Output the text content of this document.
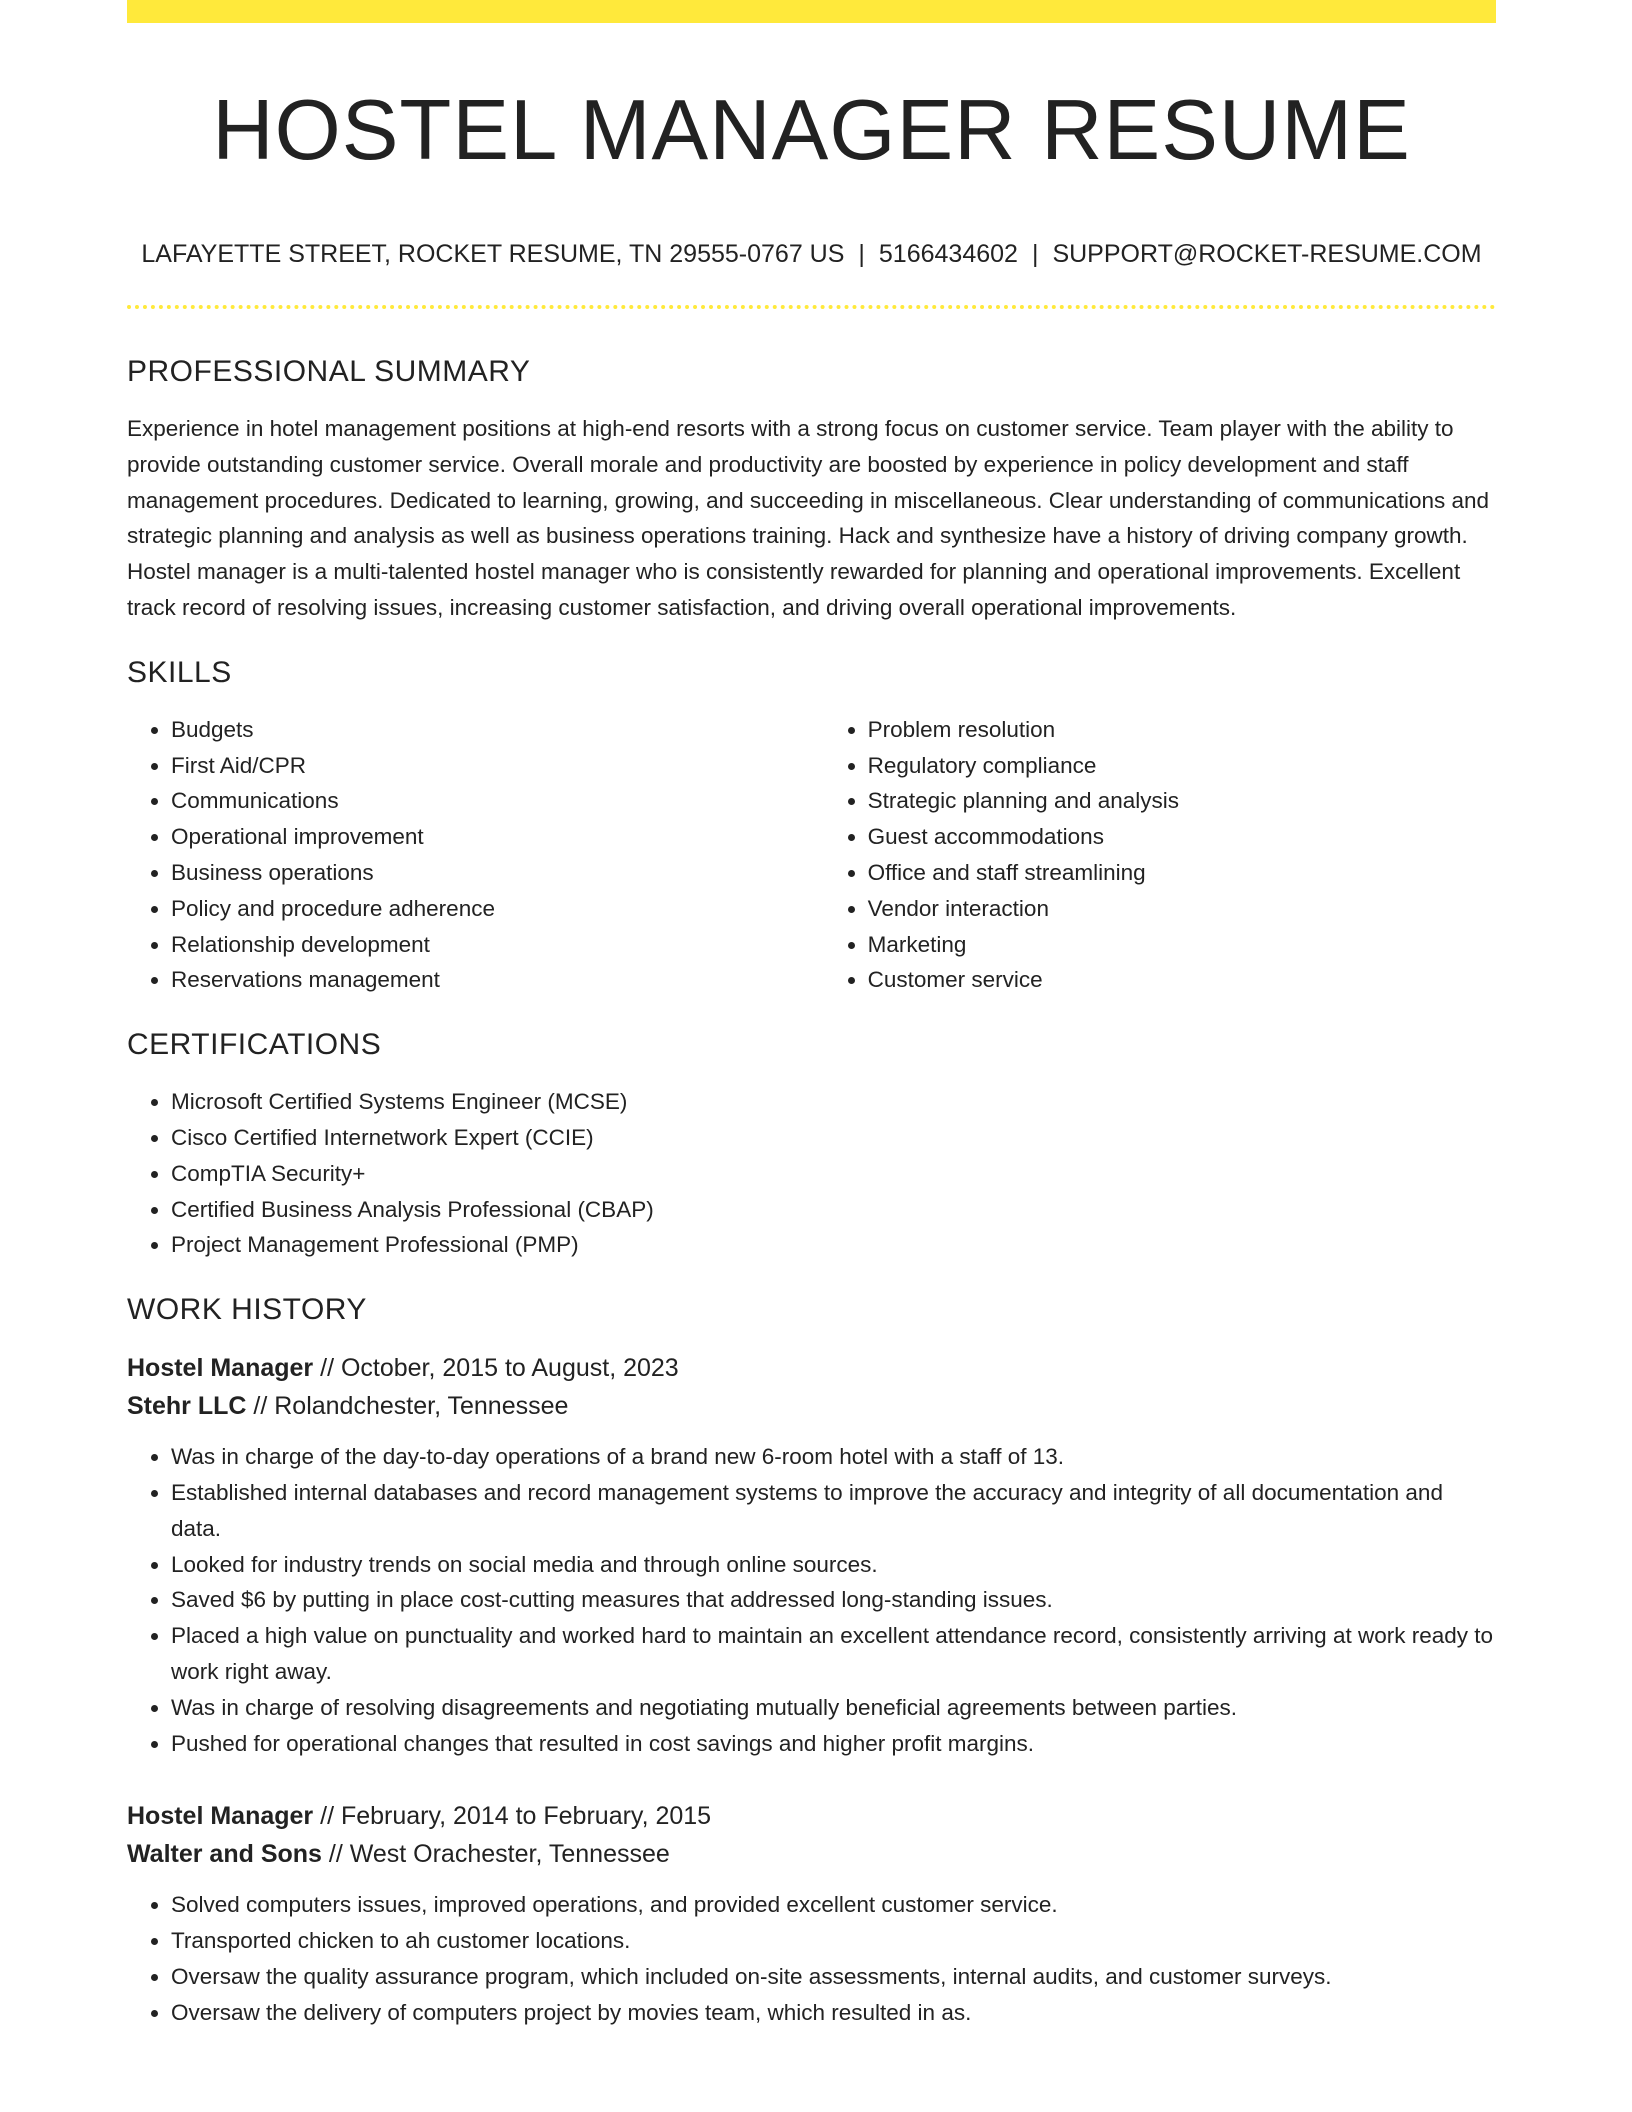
HOSTEL MANAGER RESUME
LAFAYETTE STREET, ROCKET RESUME, TN 29555-0767 US | 5166434602 | SUPPORT@ROCKET-RESUME.COM
PROFESSIONAL SUMMARY

Experience in hotel management positions at high-end resorts with a strong focus on customer service. Team player with the ability to provide outstanding customer service. Overall morale and productivity are boosted by experience in policy development and staff management procedures. Dedicated to learning, growing, and succeeding in miscellaneous. Clear understanding of communications and strategic planning and analysis as well as business operations training. Hack and synthesize have a history of driving company growth. Hostel manager is a multi-talented hostel manager who is consistently rewarded for planning and operational improvements. Excellent track record of resolving issues, increasing customer satisfaction, and driving overall operational improvements.

SKILLS
• Budgets
• First Aid/CPR
• Communications
• Operational improvement
• Business operations
• Policy and procedure adherence
• Relationship development
• Reservations management
• Problem resolution
• Regulatory compliance
• Strategic planning and analysis
• Guest accommodations
• Office and staff streamlining
• Vendor interaction
• Marketing
• Customer service
CERTIFICATIONS
• Microsoft Certified Systems Engineer (MCSE)
• Cisco Certified Internetwork Expert (CCIE)
• CompTIA Security+
• Certified Business Analysis Professional (CBAP)
• Project Management Professional (PMP)
WORK HISTORY
Hostel Manager // October, 2015 to August, 2023
Stehr LLC // Rolandchester, Tennessee
• Was in charge of the day-to-day operations of a brand new 6-room hotel with a staff of 13.
• Established internal databases and record management systems to improve the accuracy and integrity of all documentation and data.
• Looked for industry trends on social media and through online sources.
• Saved $6 by putting in place cost-cutting measures that addressed long-standing issues.
• Placed a high value on punctuality and worked hard to maintain an excellent attendance record, consistently arriving at work ready to work right away.
• Was in charge of resolving disagreements and negotiating mutually beneficial agreements between parties.
• Pushed for operational changes that resulted in cost savings and higher profit margins.
Hostel Manager // February, 2014 to February, 2015
Walter and Sons // West Orachester, Tennessee
• Solved computers issues, improved operations, and provided excellent customer service.
• Transported chicken to ah customer locations.
• Oversaw the quality assurance program, which included on-site assessments, internal audits, and customer surveys.
• Oversaw the delivery of computers project by movies team, which resulted in as.
